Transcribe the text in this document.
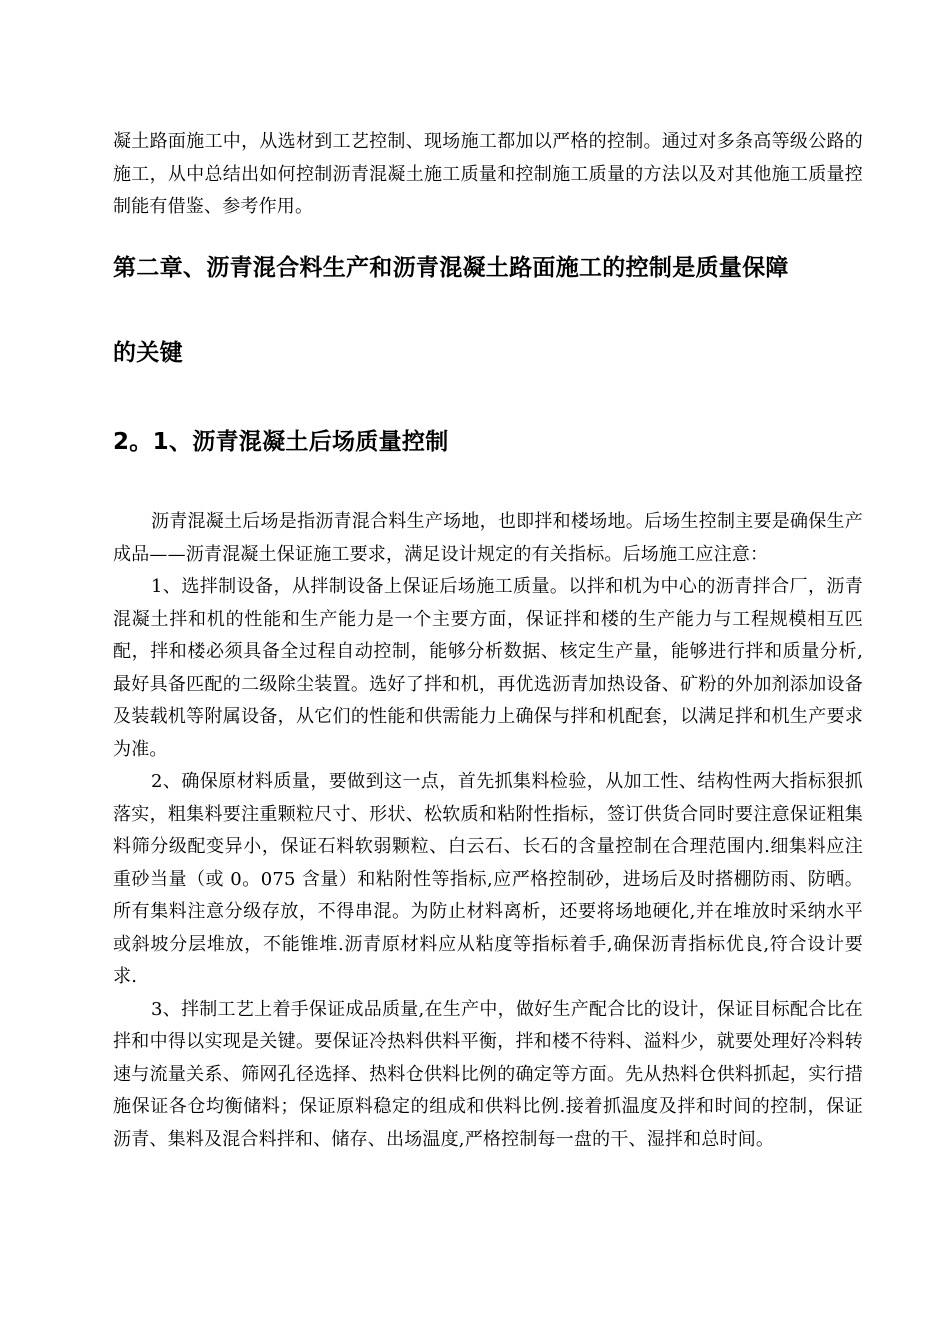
凝土路面施工中，从选材到工艺控制、现场施工都加以严格的控制。通过对多条高等级公路的施工，从中总结出如何控制沥青混凝土施工质量和控制施工质量的方法以及对其他施工质量控制能有借鉴、参考作用。

第二章、沥青混合料生产和沥青混凝土路面施工的控制是质量保障

的关键

2。1、沥青混凝土后场质量控制

沥青混凝土后场是指沥青混合料生产场地，也即拌和楼场地。后场生控制主要是确保生产成品——沥青混凝土保证施工要求，满足设计规定的有关指标。后场施工应注意：

1、选拌制设备，从拌制设备上保证后场施工质量。以拌和机为中心的沥青拌合厂，沥青混凝土拌和机的性能和生产能力是一个主要方面，保证拌和楼的生产能力与工程规模相互匹配，拌和楼必须具备全过程自动控制，能够分析数据、核定生产量，能够进行拌和质量分析,最好具备匹配的二级除尘装置。选好了拌和机，再优选沥青加热设备、矿粉的外加剂添加设备及装载机等附属设备，从它们的性能和供需能力上确保与拌和机配套，以满足拌和机生产要求为准。

2、确保原材料质量，要做到这一点，首先抓集料检验，从加工性、结构性两大指标狠抓落实，粗集料要注重颗粒尺寸、形状、松软质和粘附性指标，签订供货合同时要注意保证粗集料筛分级配变异小，保证石料软弱颗粒、白云石、长石的含量控制在合理范围内.细集料应注重砂当量（或 0。075 含量）和粘附性等指标,应严格控制砂，进场后及时搭棚防雨、防晒。所有集料注意分级存放，不得串混。为防止材料离析，还要将场地硬化,并在堆放时采纳水平或斜坡分层堆放，不能锥堆.沥青原材料应从粘度等指标着手,确保沥青指标优良,符合设计要求.

3、拌制工艺上着手保证成品质量,在生产中，做好生产配合比的设计，保证目标配合比在拌和中得以实现是关键。要保证冷热料供料平衡，拌和楼不待料、溢料少，就要处理好冷料转速与流量关系、筛网孔径选择、热料仓供料比例的确定等方面。先从热料仓供料抓起，实行措施保证各仓均衡储料；保证原料稳定的组成和供料比例.接着抓温度及拌和时间的控制，保证沥青、集料及混合料拌和、储存、出场温度,严格控制每一盘的干、湿拌和总时间。
